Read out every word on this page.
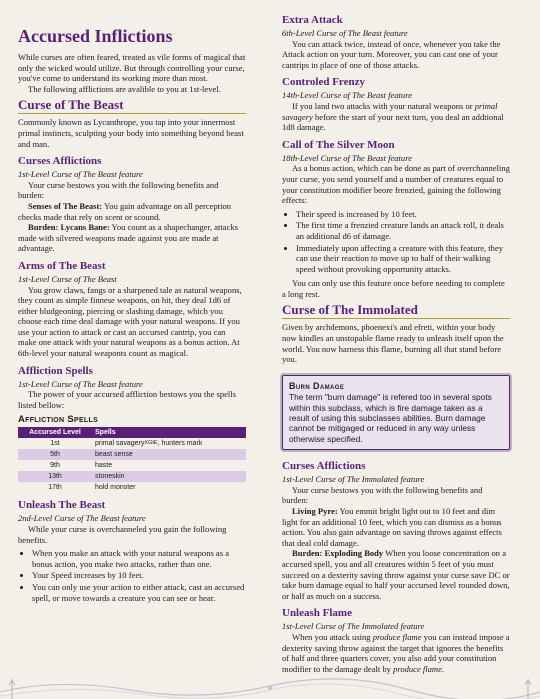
Accursed Inflictions

While curses are often feared, treated as vile forms of magical that only the wicked would utilize. But through controlling your curse, you've come to understand its working more than most.

The following afflictions are avalible to you at 1st-level.

Curse of The Beast

Commonly known as Lycanthrope, you tap into your innermost primal instincts, sculpting your body into something beyond beast and man.

Curses Afflictions

1st-Level Curse of The Beast feature

Your curse bestows you with the following benefits and burden:

Senses of The Beast: You gain advantage on all perception checks made that rely on scent or scound.

Burden: Lycans Bane: You count as a shapechanger, attacks made with silvered weapons made against you are made at advantage.

Arms of The Beast

1st-Level Curse of The Beast

You grow claws, fangs or a sharpened tale as natural weapons, they count as simple finnese weapons, on hit, they deal 1d6 of either bludgeoning, piercing or slashing damage, which you choose each time deal damage with your natural weapons. If you use your action to attack or cast an accursed cantrip, you can make one attack with your natural weapons as a bonus action. At 6th-level your natural weaponts count as magical.

Affliction Spells

1st-Level Curse of The Beast feature

The power of your accursed affliction bestows you the spells listed bellow:

Affliction Spells
Accursed Level	Spells
1st	primal savagery$^{XGtE}$, hunters mark
5th	beast sense
9th	haste
13th	stoneskin
17th	hold monster
Unleash The Beast

2nd-Level Curse of The Beast feature

While your curse is overchanneled you gain the following benefits.

• When you make an attack with your natural weapons as a bonus action, you make two attacks, rather than one.
• Your Speed increases by 10 feet.
• You can only use your action to either attack, cast an accursed spell, or move towards a creature you can see or hear.
Extra Attack

6th-Level Curse of The Beast feature

You can attack twice, instead of once, whenever you take the Attack action on your turn. Moreover, you can cast one of your cantrips in place of one of those attacks.

Controled Frenzy

14th-Level Curse of The Beast feature

If you land two attacks with your natural weapons or primal savagery before the start of your next turn, you deal an addtional 1d8 damage.

Call of The Silver Moon

18th-Level Curse of The Beast feature

As a bonus action, which can be done as part of overchanneling your curse, you send yourself and a number of creatures equal to your constitution modifier beore frenzied, gaining the following effects:

• Their speed is increased by 10 feet.
• The first time a frenzied creature lands an attack roll, it deals an additional d6 of damage.
• Immediately upon affecting a creature with this feature, they can use their reaction to move up to half of their walking speed without provoking opportunity attacks.

You can only use this feature once before needing to complete a long rest.

Curse of The Immolated

Given by archdemons, phoenexi's and efreti, within your body now kindles an unstopable flame ready to unleash itself upon the world. You now harness this flame, burning all that stand before you.

Burn Damage
The term "burn damage" is refered too in several spots within this subclass, which is fire damage taken as a result of using this subclasses abilities. Burn damage cannot be mitigaged or reduced in any way unless otherwise specified.
Curses Afflictions

1st-Level Curse of The Immolated feature

Your curse bestows you with the following benefits and burden:

Living Pyre: You emmit bright light out to 10 feet and dim light for an additional 10 feet, which you can dismiss as a bonus action. You also gain advantage on saving throws against effects that deal cold damage.

Burden: Exploding Body When you loose concentration on a accursed spell, you and all creatures within 5 feet of you must succeed on a dexterity saving throw against your curse save DC or take burn damage equal to half your accursed level rounded down, or half as much on a success.

Unleash Flame

1st-Level Curse of The Immolated feature

When you attack using produce flame you can instead impose a dexterity saving throw against the target that ignores the benefits of half and three quarters cover, you also add your constitution modifier to the damage dealt by produce flame.
